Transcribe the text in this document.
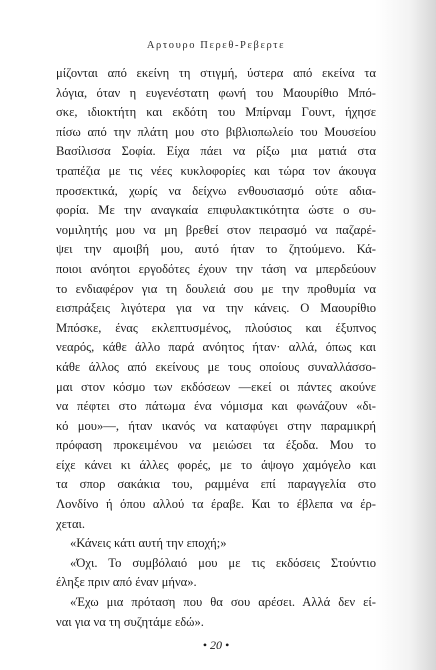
Αρτουρο Περεθ-Ρεβερτε
μίζονται από εκείνη τη στιγμή, ύστερα από εκείνα τα
λόγια, όταν η ευγενέστατη φωνή του Μαουρίθιο Μπό-
σκε, ιδιοκτήτη και εκδότη του Μπίρναμ Γουντ, ήχησε
πίσω από την πλάτη μου στο βιβλιοπωλείο του Μουσείου
Βασίλισσα Σοφία. Είχα πάει να ρίξω μια ματιά στα
τραπέζια με τις νέες κυκλοφορίες και τώρα τον άκουγα
προσεκτικά, χωρίς να δείχνω ενθουσιασμό ούτε αδια-
φορία. Με την αναγκαία επιφυλακτικότητα ώστε ο συ-
νομιλητής μου να μη βρεθεί στον πειρασμό να παζαρέ-
ψει την αμοιβή μου, αυτό ήταν το ζητούμενο. Κά-
ποιοι ανόητοι εργοδότες έχουν την τάση να μπερδεύουν
το ενδιαφέρον για τη δουλειά σου με την προθυμία να
εισπράξεις λιγότερα για να την κάνεις. Ο Μαουρίθιο
Μπόσκε, ένας εκλεπτυσμένος, πλούσιος και έξυπνος
νεαρός, κάθε άλλο παρά ανόητος ήταν· αλλά, όπως και
κάθε άλλος από εκείνους με τους οποίους συναλλάσσο-
μαι στον κόσμο των εκδόσεων —εκεί οι πάντες ακούνε
να πέφτει στο πάτωμα ένα νόμισμα και φωνάζουν «δι-
κό μου»—, ήταν ικανός να καταφύγει στην παραμικρή
πρόφαση προκειμένου να μειώσει τα έξοδα. Μου το
είχε κάνει κι άλλες φορές, με το άψογο χαμόγελο και
τα σπορ σακάκια του, ραμμένα επί παραγγελία στο
Λονδίνο ή όπου αλλού τα έραβε. Και το έβλεπα να έρ-
χεται.
«Κάνεις κάτι αυτή την εποχή;»
«Όχι. Το συμβόλαιό μου με τις εκδόσεις Στούντιο
έληξε πριν από έναν μήνα».
«Έχω μια πρόταση που θα σου αρέσει. Αλλά δεν εί-
ναι για να τη συζητάμε εδώ».
• 20 •
